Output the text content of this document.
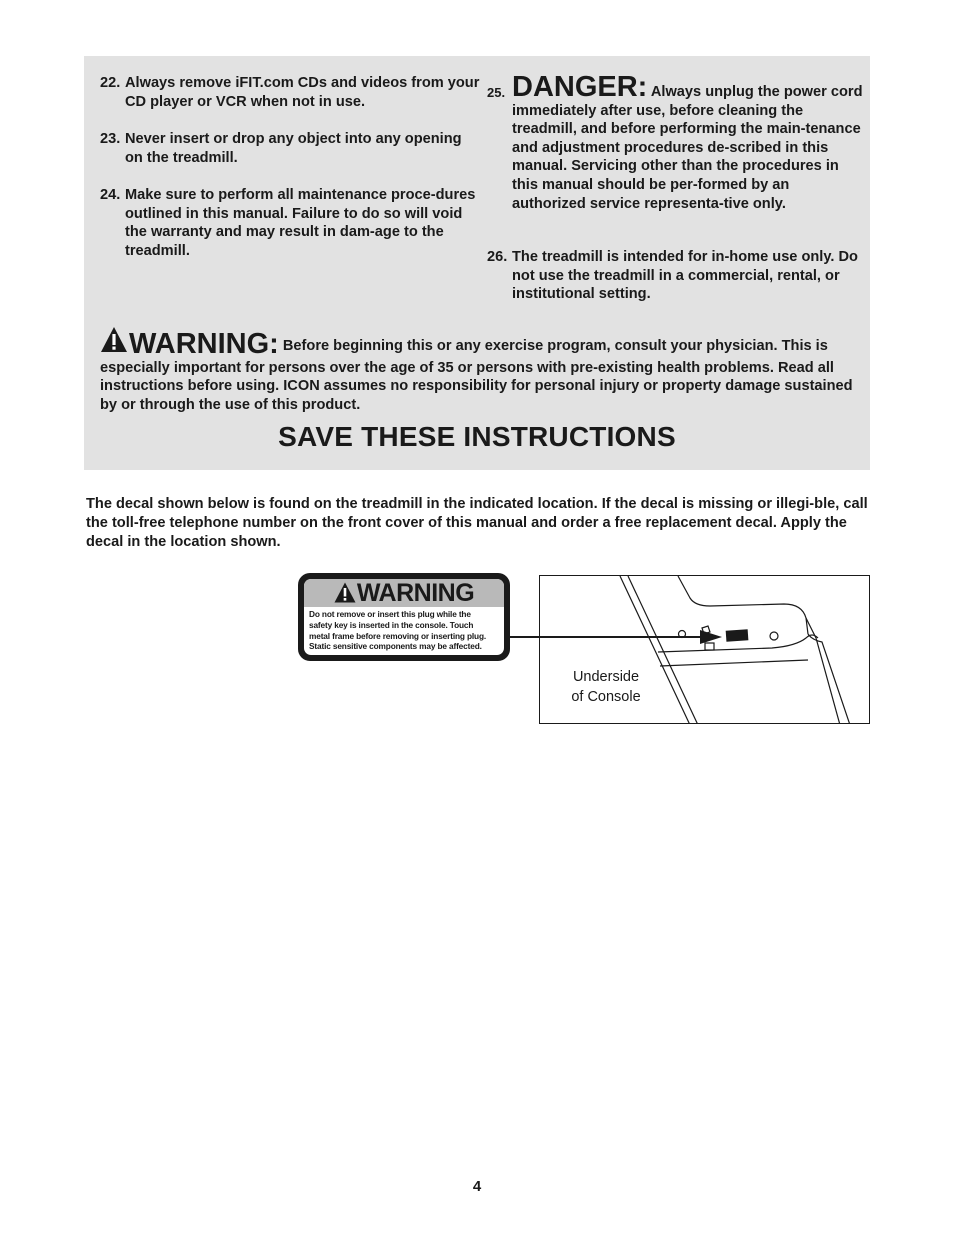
22. Always remove iFIT.com CDs and videos from your CD player or VCR when not in use.
23. Never insert or drop any object into any opening on the treadmill.
24. Make sure to perform all maintenance proce-dures outlined in this manual. Failure to do so will void the warranty and may result in dam-age to the treadmill.
25. DANGER: Always unplug the power cord immediately after use, before cleaning the treadmill, and before performing the main-tenance and adjustment procedures de-scribed in this manual. Servicing other than the procedures in this manual should be per-formed by an authorized service representa-tive only.
26. The treadmill is intended for in-home use only. Do not use the treadmill in a commercial, rental, or institutional setting.
WARNING: Before beginning this or any exercise program, consult your physician. This is especially important for persons over the age of 35 or persons with pre-existing health problems. Read all instructions before using. ICON assumes no responsibility for personal injury or property damage sustained by or through the use of this product.
SAVE THESE INSTRUCTIONS
The decal shown below is found on the treadmill in the indicated location. If the decal is missing or illegi-ble, call the toll-free telephone number on the front cover of this manual and order a free replacement decal. Apply the decal in the location shown.
WARNING
Do not remove or insert this plug while the
safety key is inserted in the console. Touch
metal frame before removing or inserting plug.
Static sensitive components may be affected.
Underside
of Console
4
